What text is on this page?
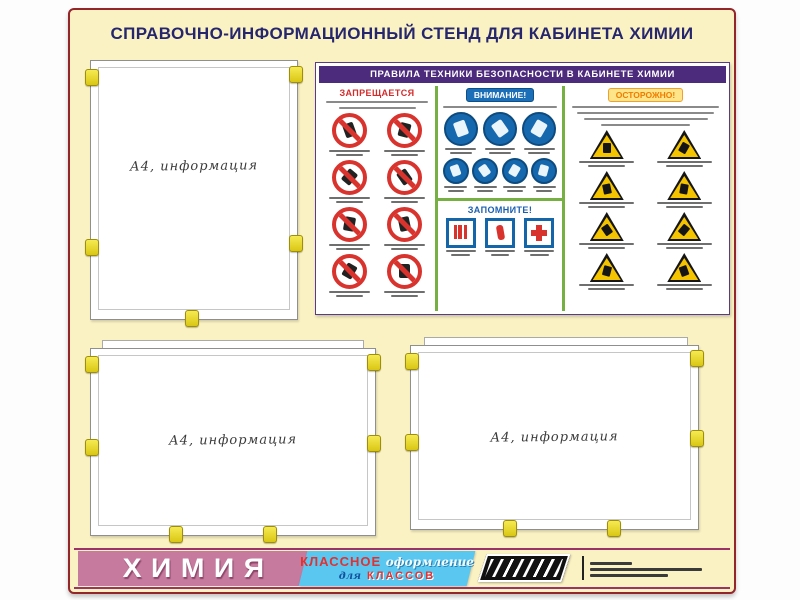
СПРАВОЧНО-ИНФОРМАЦИОННЫЙ СТЕНД ДЛЯ КАБИНЕТА ХИМИИ
А4, информация
ПРАВИЛА ТЕХНИКИ БЕЗОПАСНОСТИ В КАБИНЕТЕ ХИМИИ
ЗАПРЕЩАЕТСЯ	ВНИМАНИЕ!
ЗАПОМНИТЕ!
ОСТОРОЖНО!
А4, информация	А4, информация
ХИМИЯ КЛАССНОЕ оформление
для КЛАССОВ
